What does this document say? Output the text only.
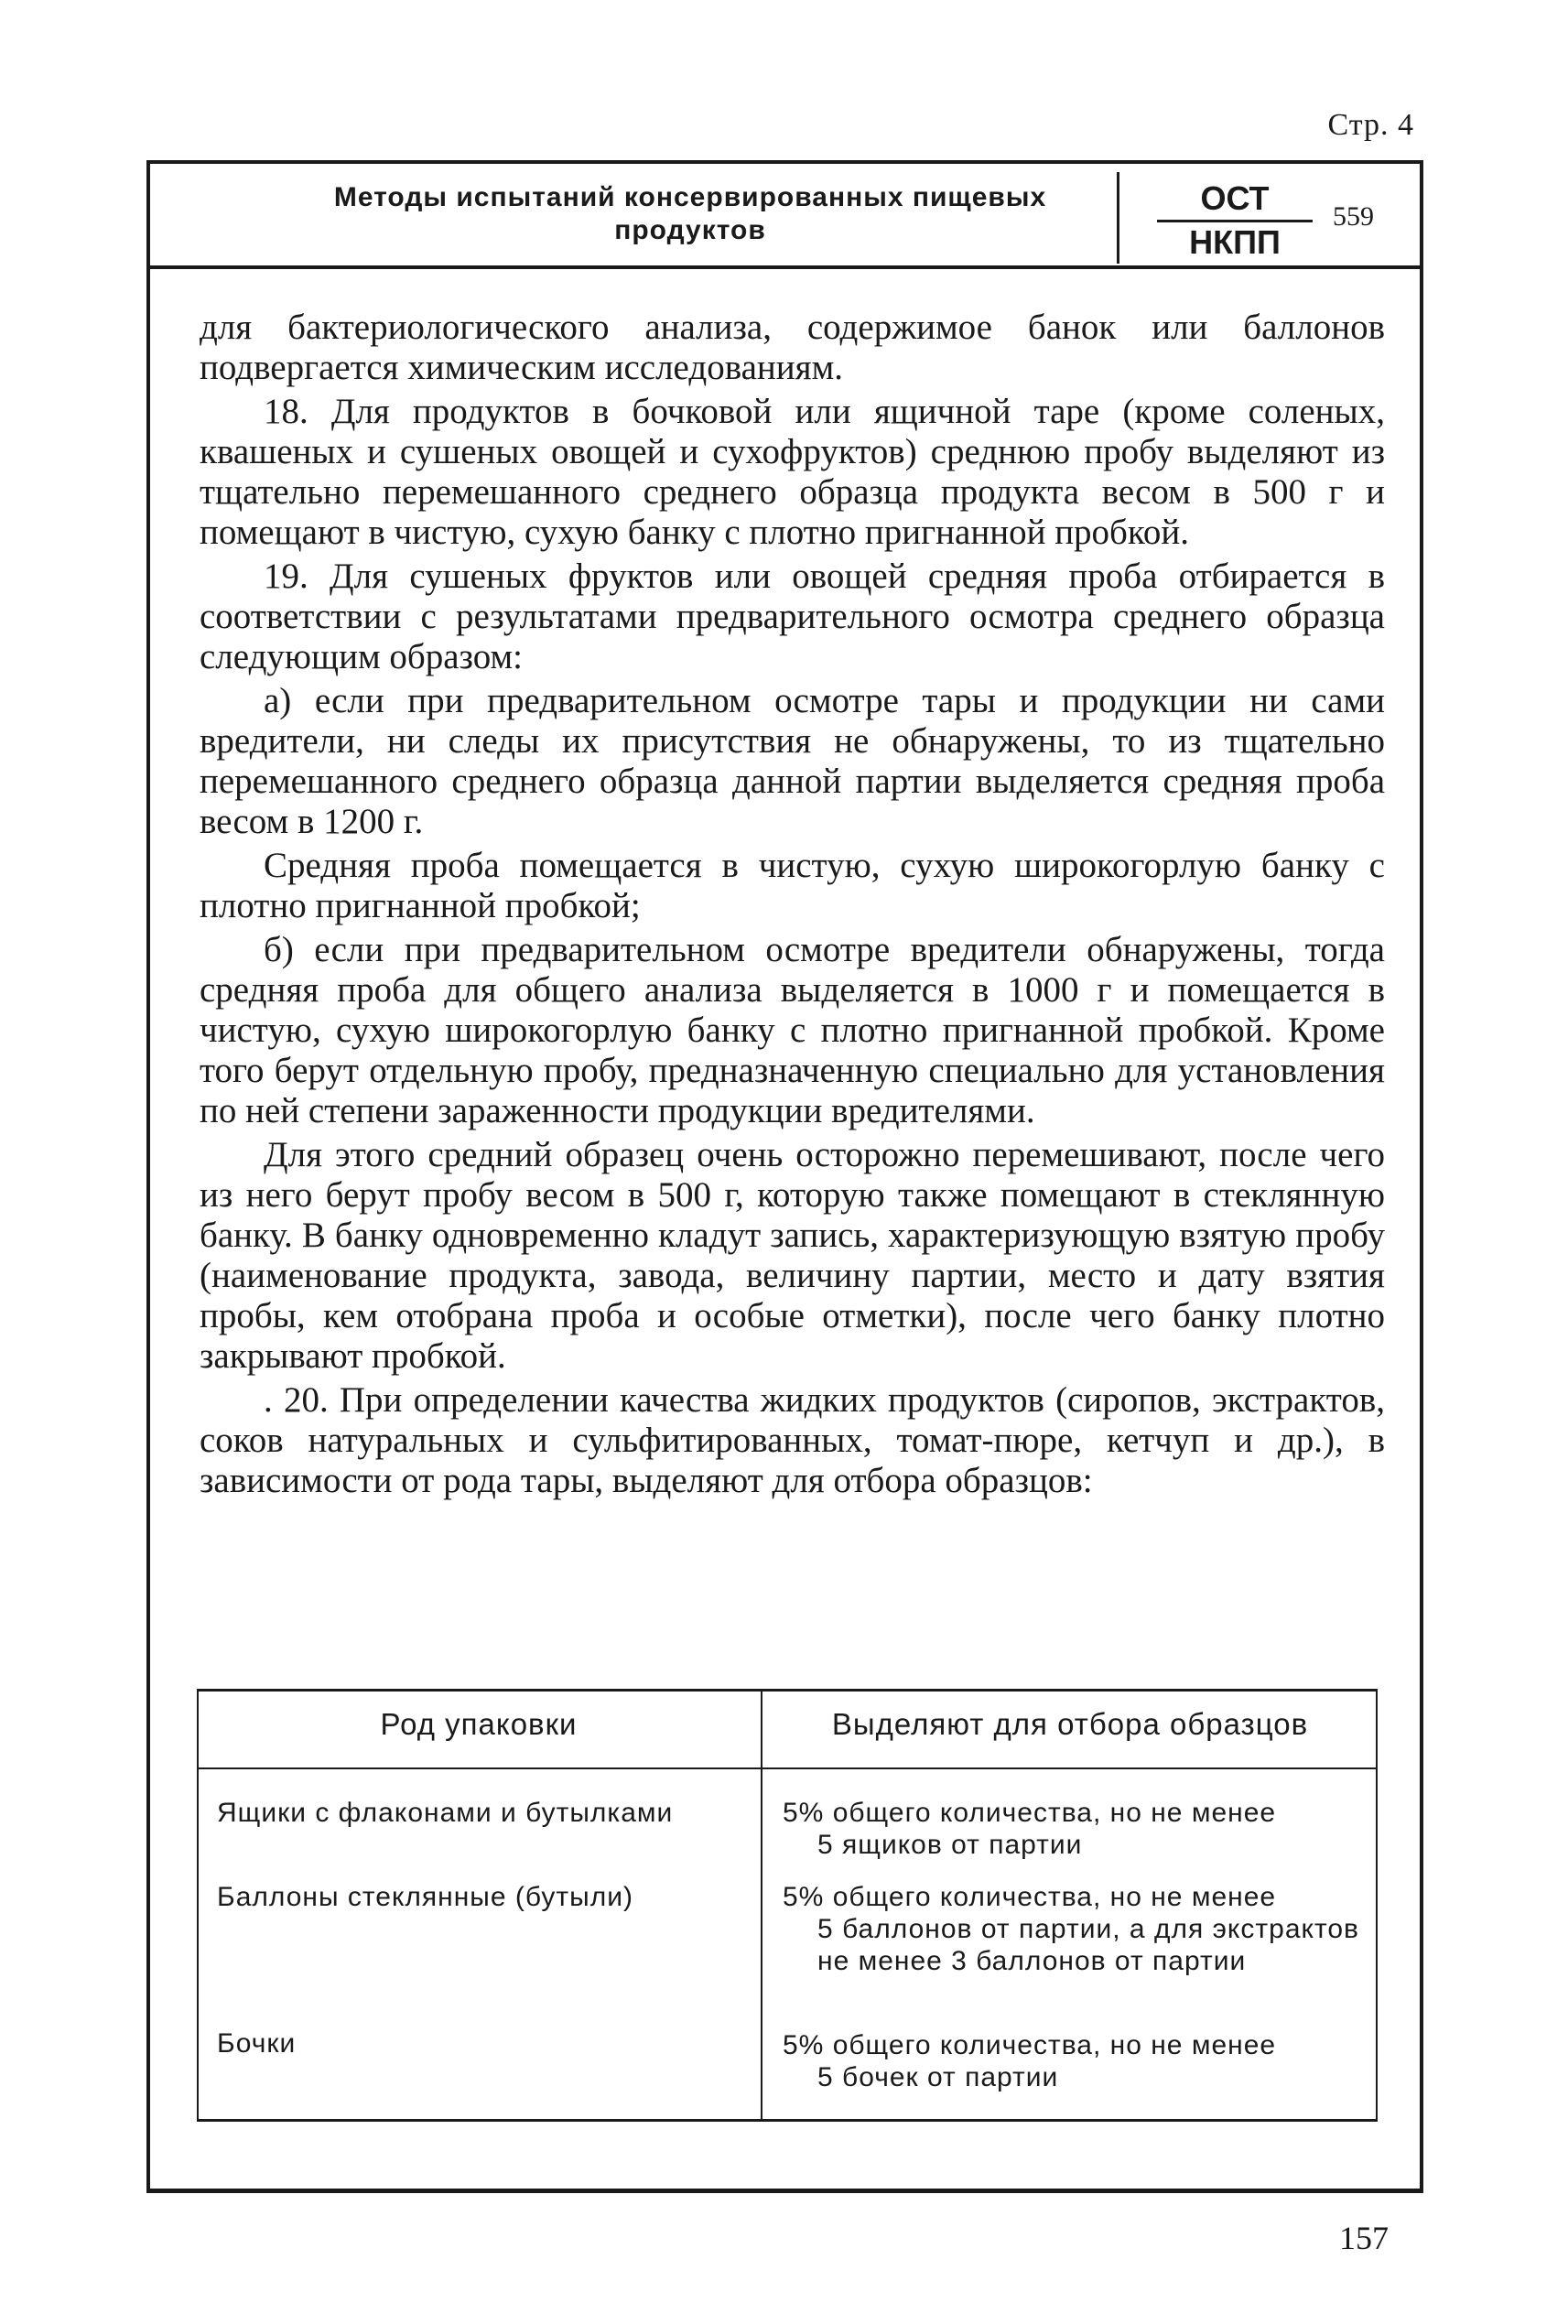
Стр. 4
Методы испытаний консервированных пищевых
продуктов
ОСТ
НКПП
559

для бактериологического анализа, содержимое банок или баллонов подвергается химическим исследованиям.

18. Для продуктов в бочковой или ящичной таре (кроме соленых, квашеных и сушеных овощей и сухофруктов) среднюю пробу выделяют из тщательно перемешанного среднего образца продукта весом в 500 г и помещают в чистую, сухую банку с плотно пригнанной пробкой.

19. Для сушеных фруктов или овощей средняя проба отбирается в соответствии с результатами предварительного осмотра среднего образца следующим образом:

а) если при предварительном осмотре тары и продукции ни сами вредители, ни следы их присутствия не обнаружены, то из тщательно перемешанного среднего образца данной партии выделяется средняя проба весом в 1200 г.

Средняя проба помещается в чистую, сухую широкогорлую банку с плотно пригнанной пробкой;

б) если при предварительном осмотре вредители обнаружены, тогда средняя проба для общего анализа выделяется в 1000 г и помещается в чистую, сухую широкогорлую банку с плотно пригнанной пробкой. Кроме того берут отдельную пробу, предназначенную специально для установления по ней степени зараженности продукции вредителями.

Для этого средний образец очень осторожно перемешивают, после чего из него берут пробу весом в 500 г, которую также помещают в стеклянную банку. В банку одновременно кладут запись, характеризующую взятую пробу (наименование продукта, завода, величину партии, место и дату взятия пробы, кем отобрана проба и особые отметки), после чего банку плотно закрывают пробкой.

. 20. При определении качества жидких продуктов (сиропов, экстрактов, соков натуральных и сульфитированных, томат-пюре, кетчуп и др.), в зависимости от рода тары, выделяют для отбора образцов:

Род упаковки	Выделяют для отбора образцов
Ящики с флаконами и бутылками	5% общего количества, но не менее
5 ящиков от партии
Баллоны стеклянные (бутыли)	5% общего количества, но не менее
5 баллонов от партии, а для экстрактов не менее 3 баллонов от партии
Бочки	5% общего количества, но не менее
5 бочек от партии
157
